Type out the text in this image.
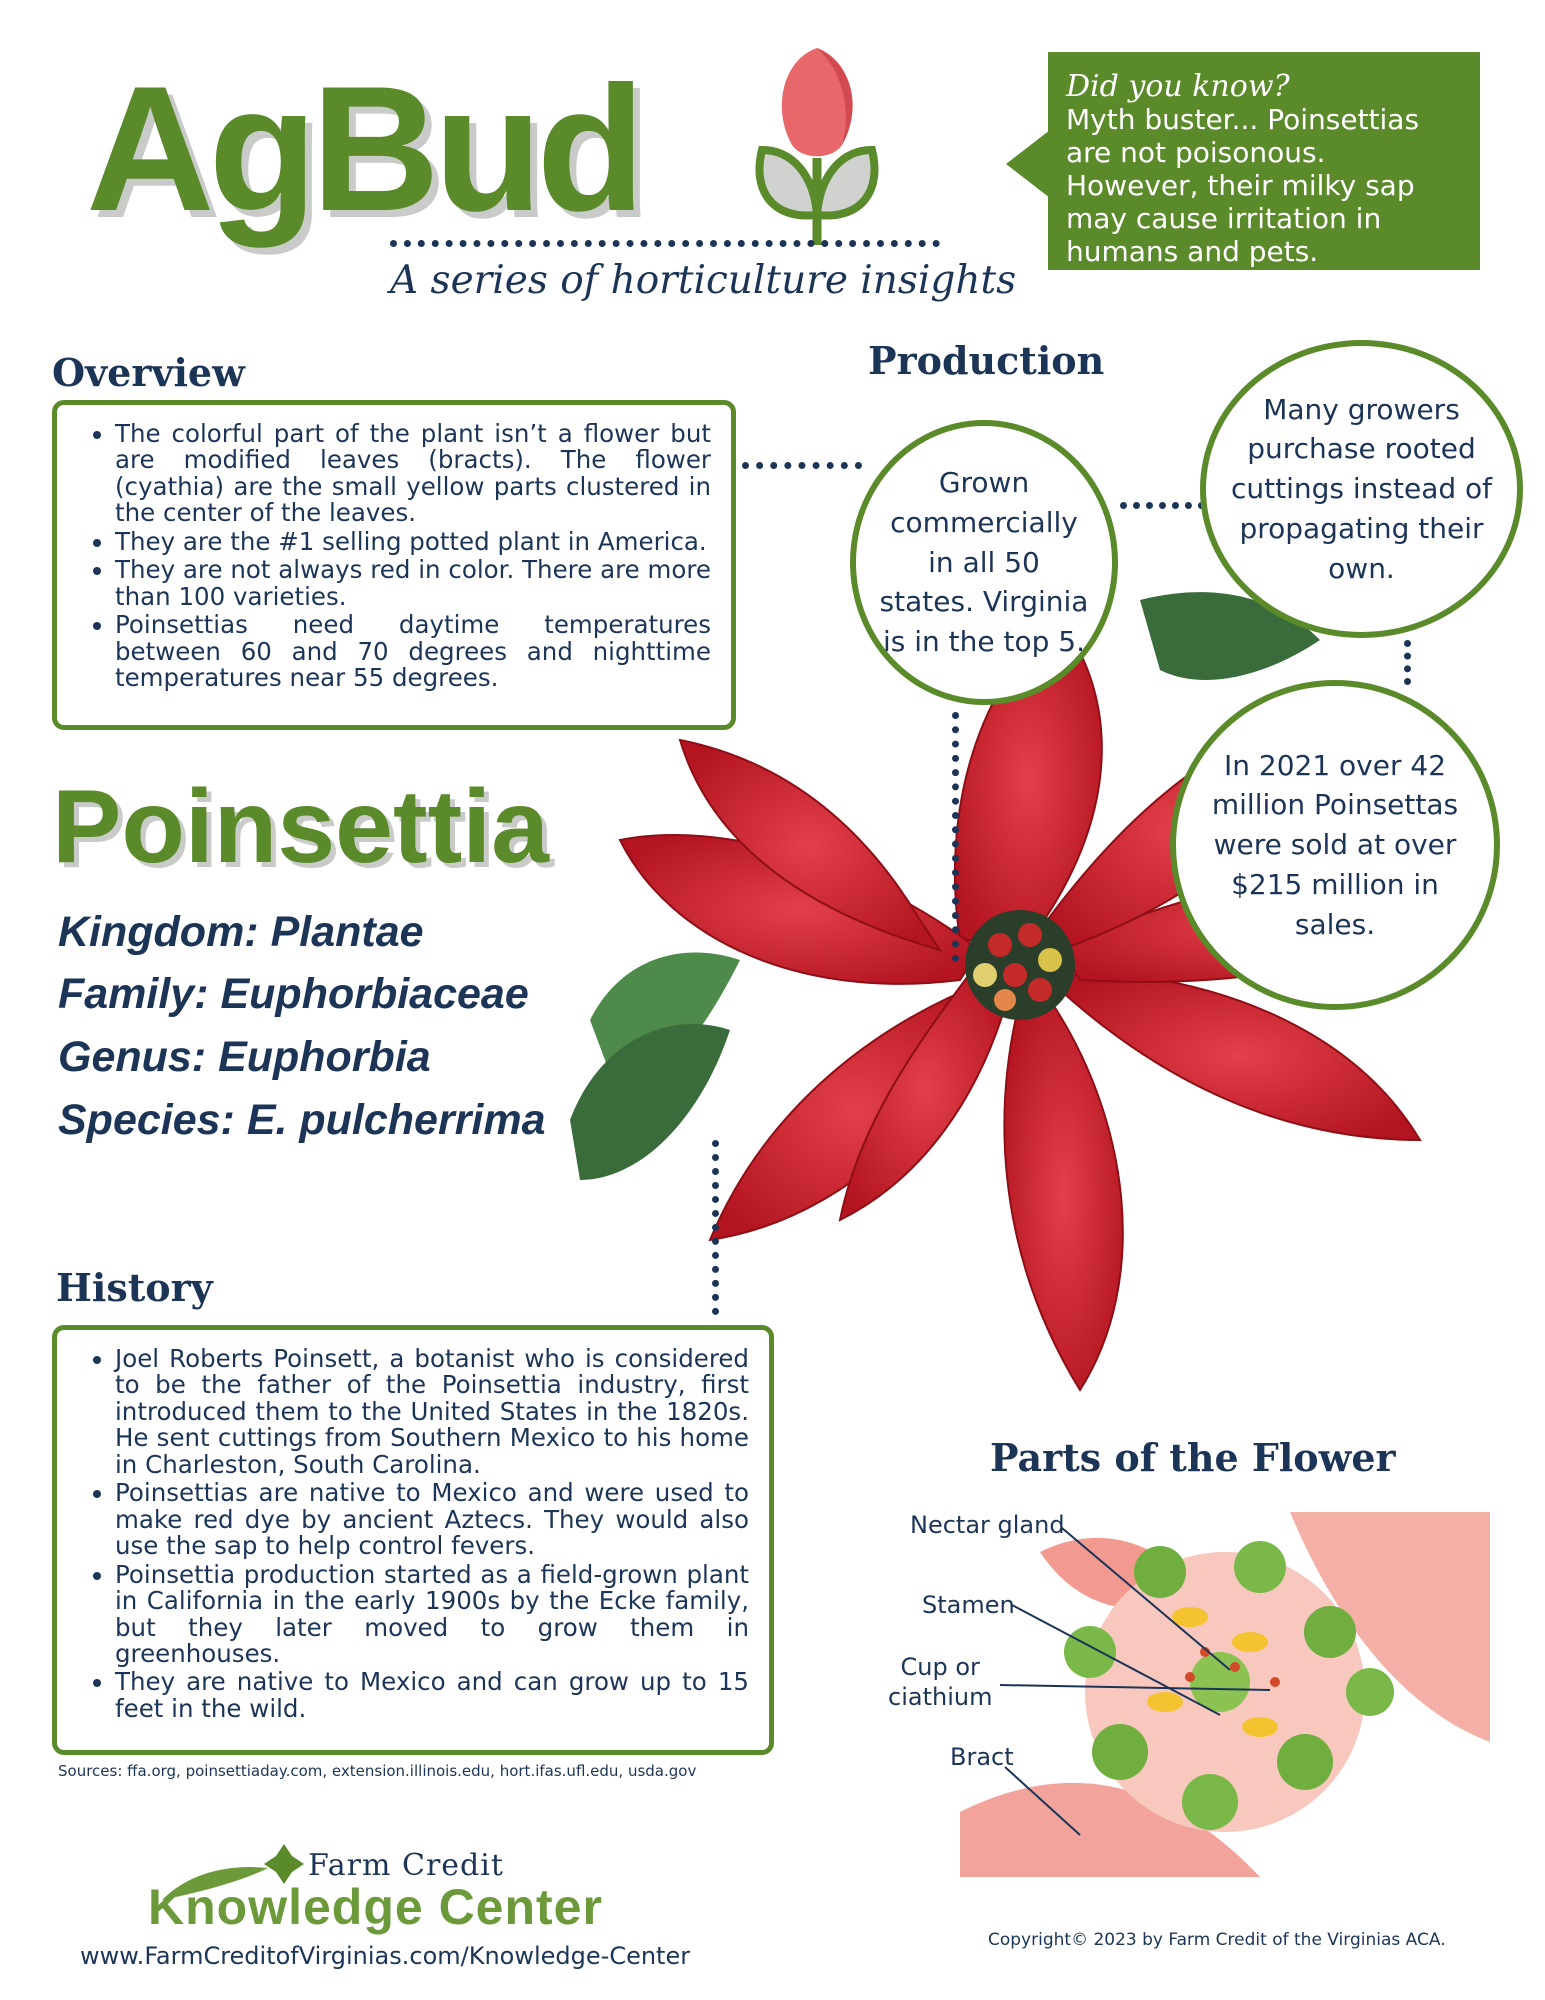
AgBud
A series of horticulture insights
Did you know?
Myth buster... Poinsettias are not poisonous. However, their milky sap may cause irritation in humans and pets.
Overview
• The colorful part of the plant isn’t a flower but are modified leaves (bracts). The flower (cyathia) are the small yellow parts clustered in the center of the leaves.
• They are the #1 selling potted plant in America.
• They are not always red in color. There are more than 100 varieties.
• Poinsettias need daytime temperatures between 60 and 70 degrees and nighttime temperatures near 55 degrees.
Production
Grown commercially in all 50 states. Virginia is in the top 5.
Many growers purchase rooted cuttings instead of propagating their own.
In 2021 over 42 million Poinsettas were sold at over $215 million in sales.
Poinsettia
Kingdom: Plantae
Family: Euphorbiaceae
Genus: Euphorbia
Species: E. pulcherrima
History
• Joel Roberts Poinsett, a botanist who is considered to be the father of the Poinsettia industry, first introduced them to the United States in the 1820s. He sent cuttings from Southern Mexico to his home in Charleston, South Carolina.
• Poinsettias are native to Mexico and were used to make red dye by ancient Aztecs. They would also use the sap to help control fevers.
• Poinsettia production started as a field-grown plant in California in the early 1900s by the Ecke family, but they later moved to grow them in greenhouses.
• They are native to Mexico and can grow up to 15 feet in the wild.
Sources: ffa.org, poinsettiaday.com, extension.illinois.edu, hort.ifas.ufl.edu, usda.gov
Parts of the Flower
Nectar gland
Stamen
Cup or
ciathium
Bract
Farm Credit
Knowledge Center
www.FarmCreditofVirginias.com/Knowledge-Center
Copyright© 2023 by Farm Credit of the Virginias ACA.
